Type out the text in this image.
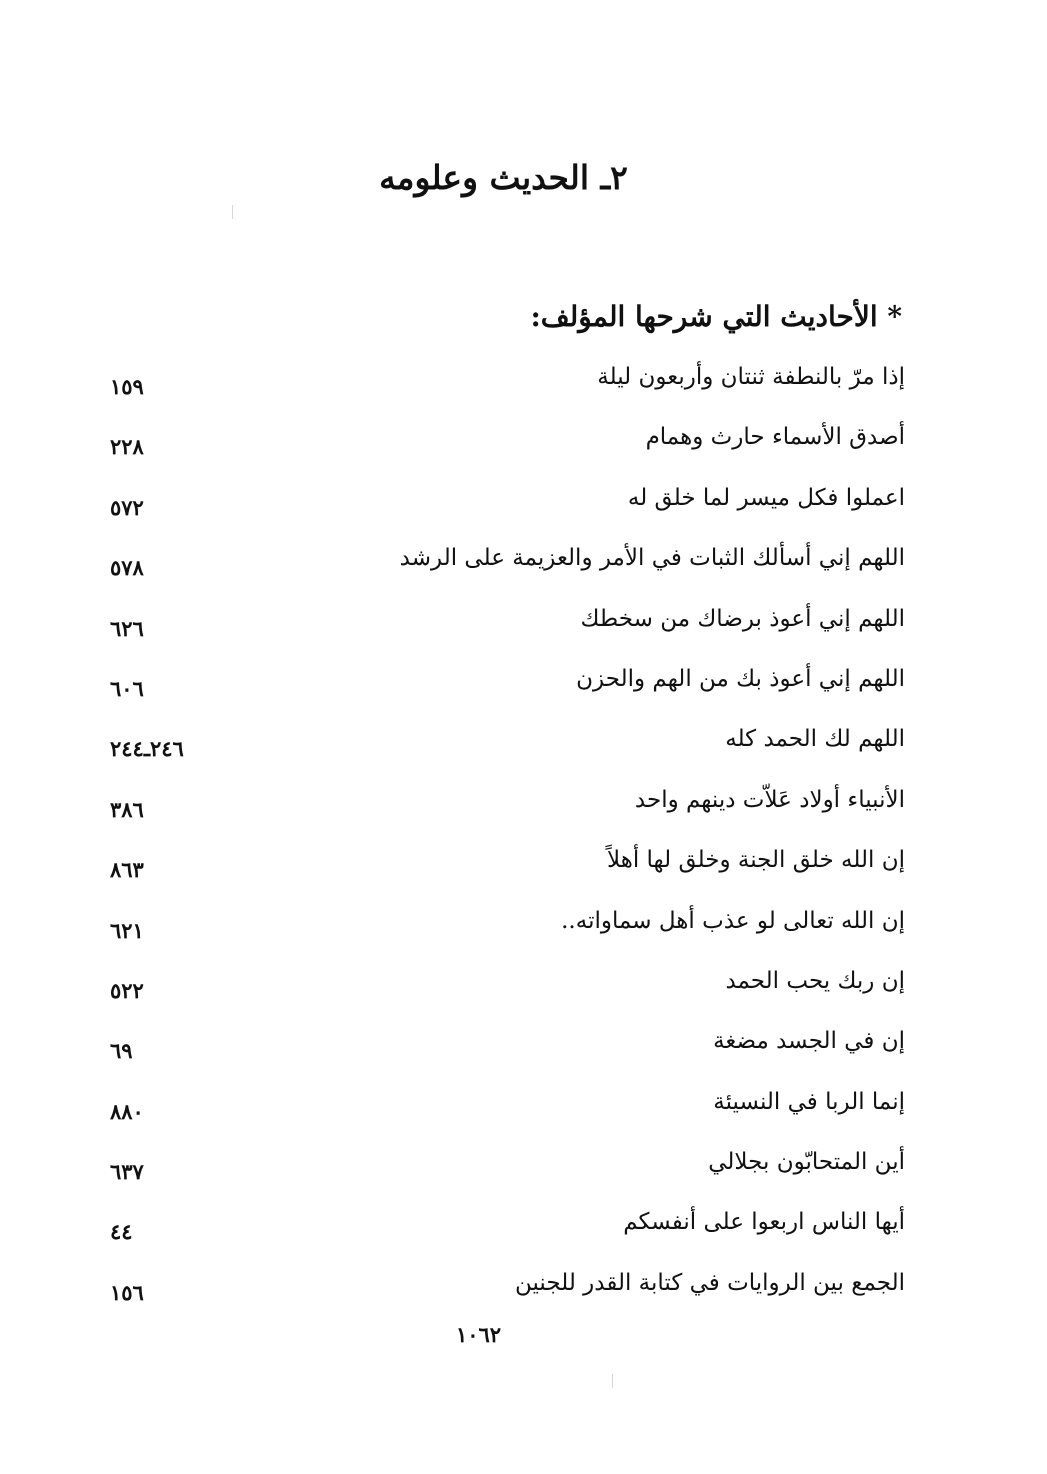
٢ـ الحديث وعلومه
* الأحاديث التي شرحها المؤلف:
إذا مرّ بالنطفة ثنتان وأربعون ليلة
١٥٩
أصدق الأسماء حارث وهمام
٢٢٨
اعملوا فكل ميسر لما خلق له
٥٧٢
اللهم إني أسألك الثبات في الأمر والعزيمة على الرشد
٥٧٨
اللهم إني أعوذ برضاك من سخطك
٦٢٦
اللهم إني أعوذ بك من الهم والحزن
٦٠٦
اللهم لك الحمد كله
٢٤٦ـ٢٤٤
الأنبياء أولاد عَلاّت دينهم واحد
٣٨٦
إن الله خلق الجنة وخلق لها أهلاً
٨٦٣
إن الله تعالى لو عذب أهل سماواته..
٦٢١
إن ربك يحب الحمد
٥٢٢
إن في الجسد مضغة
٦٩
إنما الربا في النسيئة
٨٨٠
أين المتحابّون بجلالي
٦٣٧
أيها الناس اربعوا على أنفسكم
٤٤
الجمع بين الروايات في كتابة القدر للجنين
١٥٦
١٠٦٢
